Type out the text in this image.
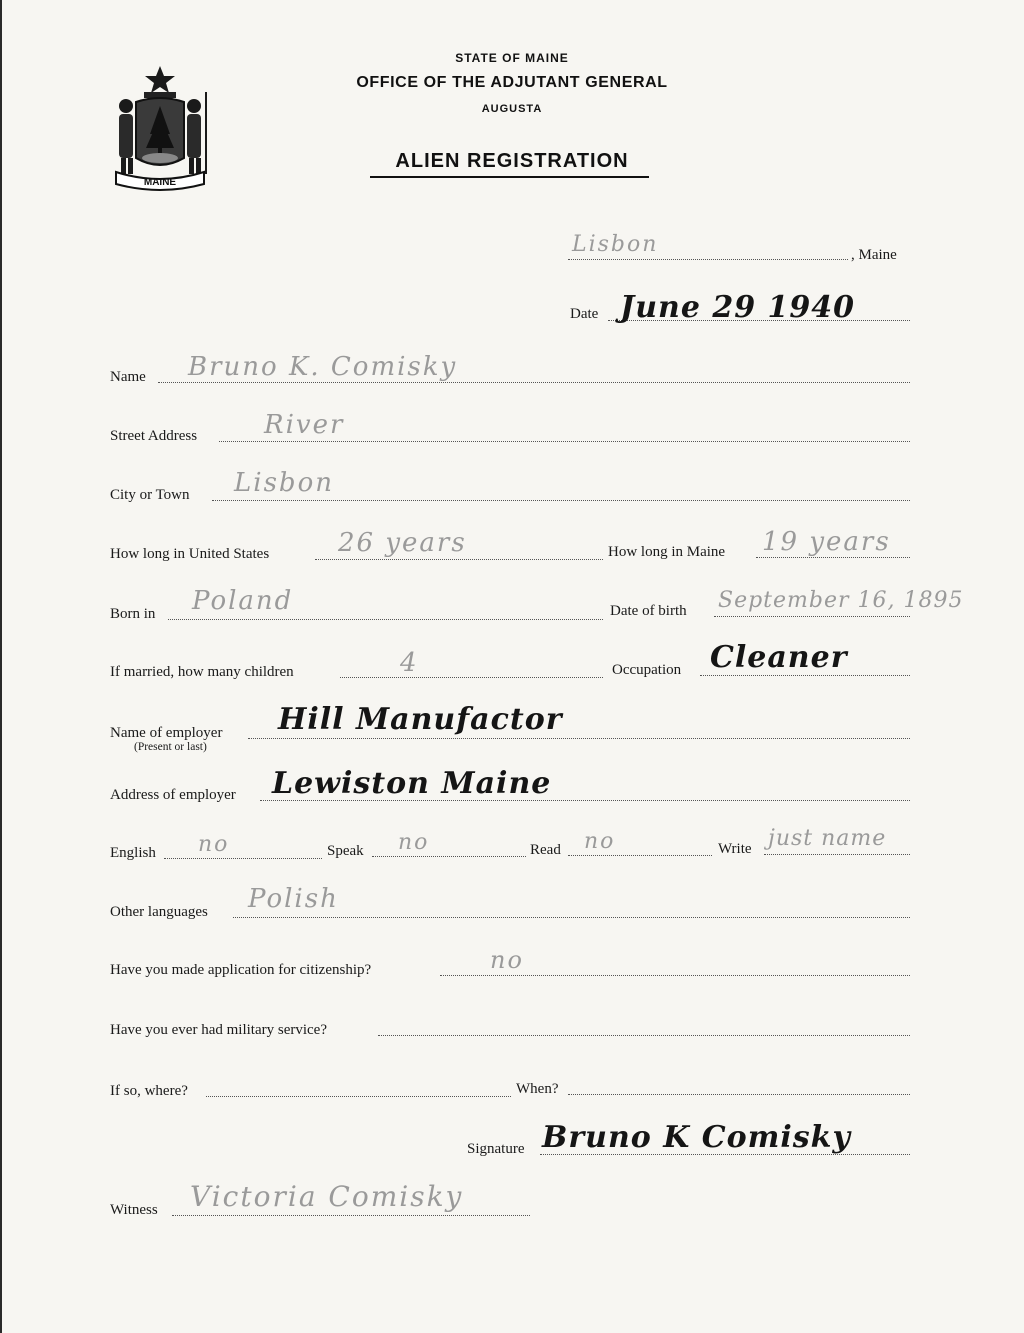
MAINE
STATE OF MAINE
OFFICE OF THE ADJUTANT GENERAL
AUGUSTA
ALIEN REGISTRATION
Lisbon	, Maine
Date June 29 1940
Name Bruno K. Comisky
Street Address	River
City or Town Lisbon
How long in United States	26 years	How long in Maine 19 years
Born in Poland	Date of birth September 16, 1895
If married, how many children	4	Occupation Cleaner
Name of employer
(Present or last)
Hill Manufactor
Address of employer Lewiston Maine
English no	Speak no	Read no	Write just name
Other languages Polish
Have you made application for citizenship?	no
Have you ever had military service?
If so, where?	When?
Signature Bruno K Comisky
Witness Victoria Comisky
